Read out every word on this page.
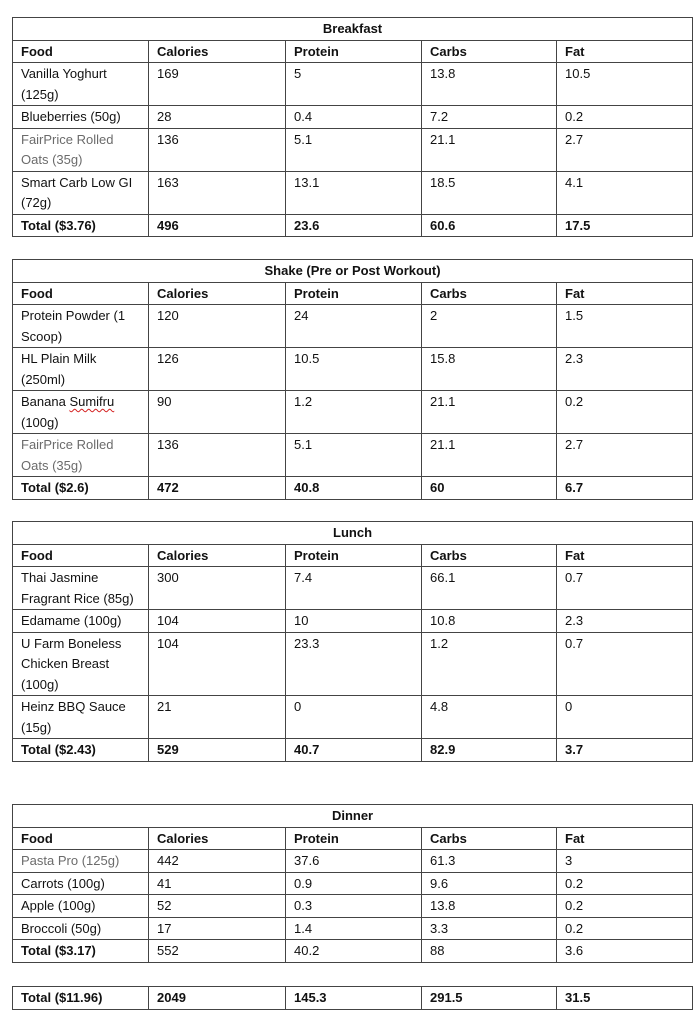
Breakfast				
Food	Calories	Protein	Carbs	Fat
Vanilla Yoghurt (125g)	169	5	13.8	10.5
Blueberries (50g)	28	0.4	7.2	0.2
FairPrice Rolled Oats (35g)	136	5.1	21.1	2.7
Smart Carb Low GI (72g)	163	13.1	18.5	4.1
Total ($3.76)	496	23.6	60.6	17.5
Shake (Pre or Post Workout)				
Food	Calories	Protein	Carbs	Fat
Protein Powder (1 Scoop)	120	24	2	1.5
HL Plain Milk (250ml)	126	10.5	15.8	2.3
Banana Sumifru (100g)	90	1.2	21.1	0.2
FairPrice Rolled Oats (35g)	136	5.1	21.1	2.7
Total ($2.6)	472	40.8	60	6.7
Lunch				
Food	Calories	Protein	Carbs	Fat
Thai Jasmine Fragrant Rice (85g)	300	7.4	66.1	0.7
Edamame (100g)	104	10	10.8	2.3
U Farm Boneless Chicken Breast (100g)	104	23.3	1.2	0.7
Heinz BBQ Sauce (15g)	21	0	4.8	0
Total ($2.43)	529	40.7	82.9	3.7
Dinner				
Food	Calories	Protein	Carbs	Fat
Pasta Pro (125g)	442	37.6	61.3	3
Carrots (100g)	41	0.9	9.6	0.2
Apple (100g)	52	0.3	13.8	0.2
Broccoli (50g)	17	1.4	3.3	0.2
Total ($3.17)	552	40.2	88	3.6
Total ($11.96)	2049	145.3	291.5	31.5
